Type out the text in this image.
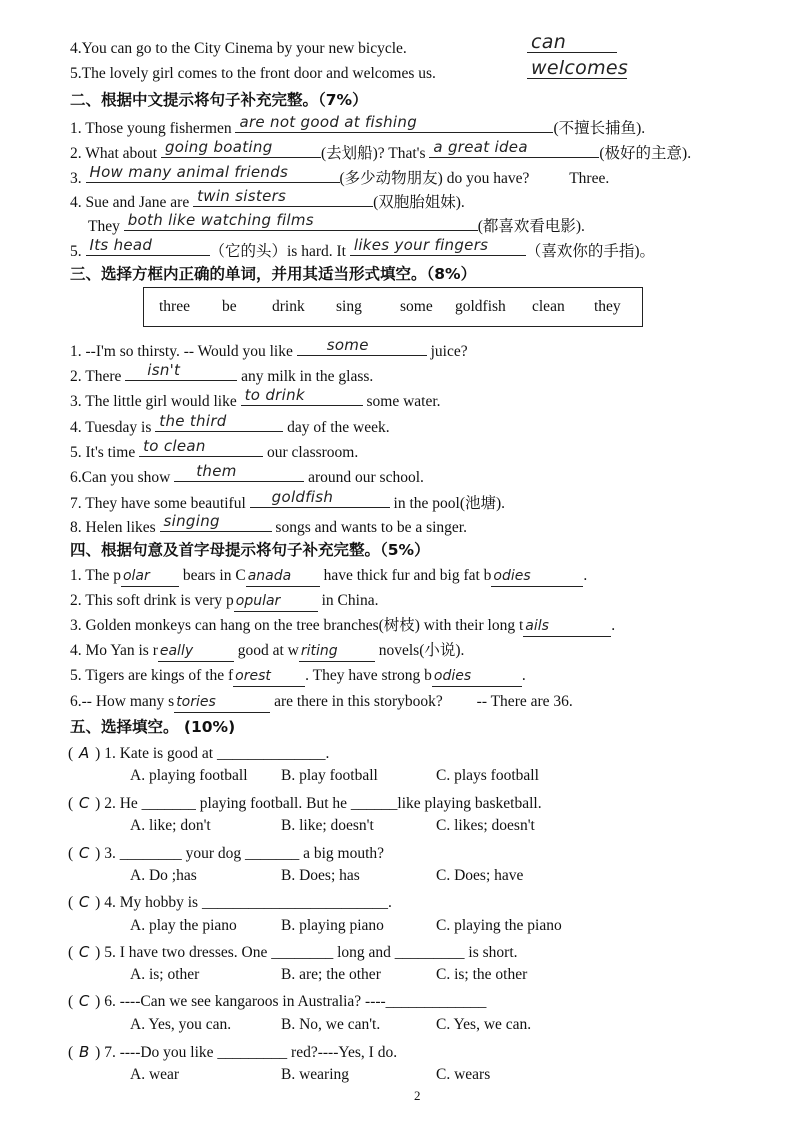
4.You can go to the City Cinema by your new bicycle.	can
5.The lovely girl comes to the front door and welcomes us.	welcomes
二、根据中文提示将句子补充完整。（7%）
1. Those young fishermen are not good at fishing	(不擅长捕鱼).
2. What about going boating	(去划船)? That's a great idea	(极好的主意).
3. How many animal friends	(多少动物朋友) do you have?	Three.
4. Sue and Jane are twin sisters	(双胞胎姐妹).
They both like watching films	(都喜欢看电影).
5. Its head	（它的头）is hard. It likes your fingers （喜欢你的手指)。
三、选择方框内正确的单词，并用其适当形式填空。（8%）
three be drink sing some goldfish clean they
1. --I'm so thirsty. -- Would you like some	juice?
2. There isn't	any milk in the glass.
3. The little girl would like to drink	some water.
4. Tuesday is the third	day of the week.
5. It's time to clean	our classroom.
6.Can you show them	around our school.
7. They have some beautiful goldfish	in the pool(池塘).
8. Helen likes singing	songs and wants to be a singer.
四、根据句意及首字母提示将句子补充完整。（5%）
1. The p olar bears in C anada have thick fur and big fat b odies	.
2. This soft drink is very p opular	in China.
3. Golden monkeys can hang on the tree branches(树枝) with their long t ails	.
4. Mo Yan is r eally	good at w riting	novels(小说).
5. Tigers are kings of the f orest . They have strong b odies	.
6.-- How many s tories	are there in this storybook? -- There are 36.
五、选择填空。 (10%)
( A ) 1. Kate is good at ______________.
A. playing football B. play football	C. plays football
( C ) 2. He _______ playing football. But he ______like playing basketball.
A. like; don't	B. like; doesn't	C. likes; doesn't
( C ) 3. ________ your dog _______ a big mouth?
A. Do ;has	B. Does; has	C. Does; have
( C ) 4. My hobby is ________________________.
A. play the piano	B. playing piano	C. playing the piano
( C ) 5. I have two dresses. One ________ long and _________ is short.
A. is; other	B. are; the other	C. is; the other
( C ) 6. ----Can we see kangaroos in Australia? ----_____________
A. Yes, you can.	B. No, we can't.	C. Yes, we can.
( B ) 7. ----Do you like _________ red?----Yes, I do.
A. wear	B. wearing	C. wears
2
